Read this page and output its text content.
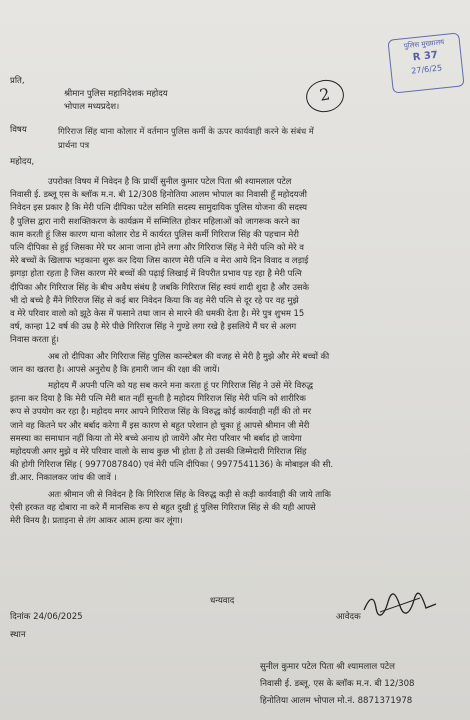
पुलिस मुख्यालय
R 37
27/6/25
2
प्रति,
श्रीमान पुलिस महानिदेशक महोदय
भोपाल मध्यप्रदेश।
विषय	गिरिराज सिंह थाना कोलार में वर्तमान पुलिस कर्मी के ऊपर कार्यवाही करने के संबंध में
प्रार्थना पत्र
महोदय,
उपरोक्त विषय में निवेदन है कि प्रार्थी सुनील कुमार पटेल पिता श्री श्यामलाल पटेल
निवासी ई. डब्लू एस के ब्लॉक म.न. बी 12/308 हिनोतिया आलम भोपाल का निवासी हूँ महोदयजी
निवेदन इस प्रकार है कि मेरी पत्नि दीपिका पटेल समिति सदस्य सामुदायिक पुलिस योजना की सदस्य
है पुलिस द्वारा नारी सशक्तिकरण के कार्यक्रम में सम्मिलित होकर महिलाओं को जागरूक करने का
काम करती हूं जिस कारण थाना कोलार रोड में कार्यरत पुलिस कर्मी गिरिराज सिंह की पहचान मेरी
पत्नि दीपिका से हुई जिसका मेरे घर आना जाना होने लगा और गिरिराज सिंह ने मेरी पत्नि को मेरे व
मेरे बच्चों के खिलाफ भड़काना शुरू कर दिया जिस कारण मेरी पत्नि व मेरा आये दिन विवाद व लड़ाई
झगड़ा होता रहता है जिस कारण मेरे बच्चों की पढ़ाई लिखाई में विपरीत प्रभाव पड़ रहा है मेरी पत्नि
दीपिका और गिरिराज सिंह के बीच अवैध संबंध है जबकि गिरिराज सिंह स्वयं शादी शुदा है और उसके
भी दो बच्चे है मैंने गिरिराज सिंह से कई बार निवेदन किया कि वह मेरी पत्नि से दूर रहे पर वह मुझे
व मेरे परिवार वालो को झूठे केस में फसाने तथा जान से मारने की धमकी देता है। मेरे पुत्र शुभम 15
वर्ष, कान्हा 12 वर्ष की उम्र है मेरे पीछे गिरिराज सिंह ने गुण्डे लगा रखे है इसलिये मैं घर से अलग
निवास करता हूं।
अब तो दीपिका और गिरिराज सिंह पुलिस कान्स्टेबल की वजह से मेरी है मुझे और मेरे बच्चों की
जान का खतरा है। आपसे अनुरोध है कि हमारी जान की रक्षा की जायें।
महोदय मैं अपनी पत्नि को यह सब करने मना करता हूं पर गिरिराज सिंह ने उसे मेरे विरुद्ध
इतना कर दिया है कि मेरी पत्नि मेरी बात नहीं सुनती है महोदय गिरिराज सिंह मेरी पत्नि को शारीरिक
रूप से उपयोग कर रहा है। महोदय मगर आपने गिरिराज सिंह के विरुद्ध कोई कार्यवाही नहीं की तो मर
जाने वह कितने घर और बर्बाद करेगा मैं इस कारण से बहुत परेशान हो चुका हूं आपसे श्रीमान जी मेरी
समस्या का समाधान नहीं किया तो मेरे बच्चे अनाथ हो जायेंगे और मेरा परिवार भी बर्बाद हो जायेगा
महोदयजी अगर मुझे व मेरे परिवार वालो के साथ कुछ भी होता है तो उसकी जिम्मेदारी गिरिराज सिंह
की होगी गिरिराज सिंह ( 9977087840) एवं मेरी पत्नि दीपिका ( 9977541136) के मोबाइल की सी.
डी.आर. निकालकर जांच की जावें ।
अतः श्रीमान जी से निवेदन है कि गिरिराज सिंह के विरुद्ध कड़ी से कड़ी कार्यवाही की जाये ताकि
ऐसी हरकत वह दोबारा ना करे मैं मानसिक रूप से बहुत दुखी हूं पुलिस गिरिराज सिंह से की यही आपसे
मेरी विनय है। प्रताड़ना से तंग आकर आत्म हत्या कर लूंगा।
धन्यवाद
दिनांक 24/06/2025	आवेदक
स्थान
सुनील कुमार पटेल पिता श्री श्यामलाल पटेल
निवासी ई. डब्लू. एस के ब्लॉक म.न. बी 12/308
हिनोतिया आलम भोपाल मो.नं. 8871371978
